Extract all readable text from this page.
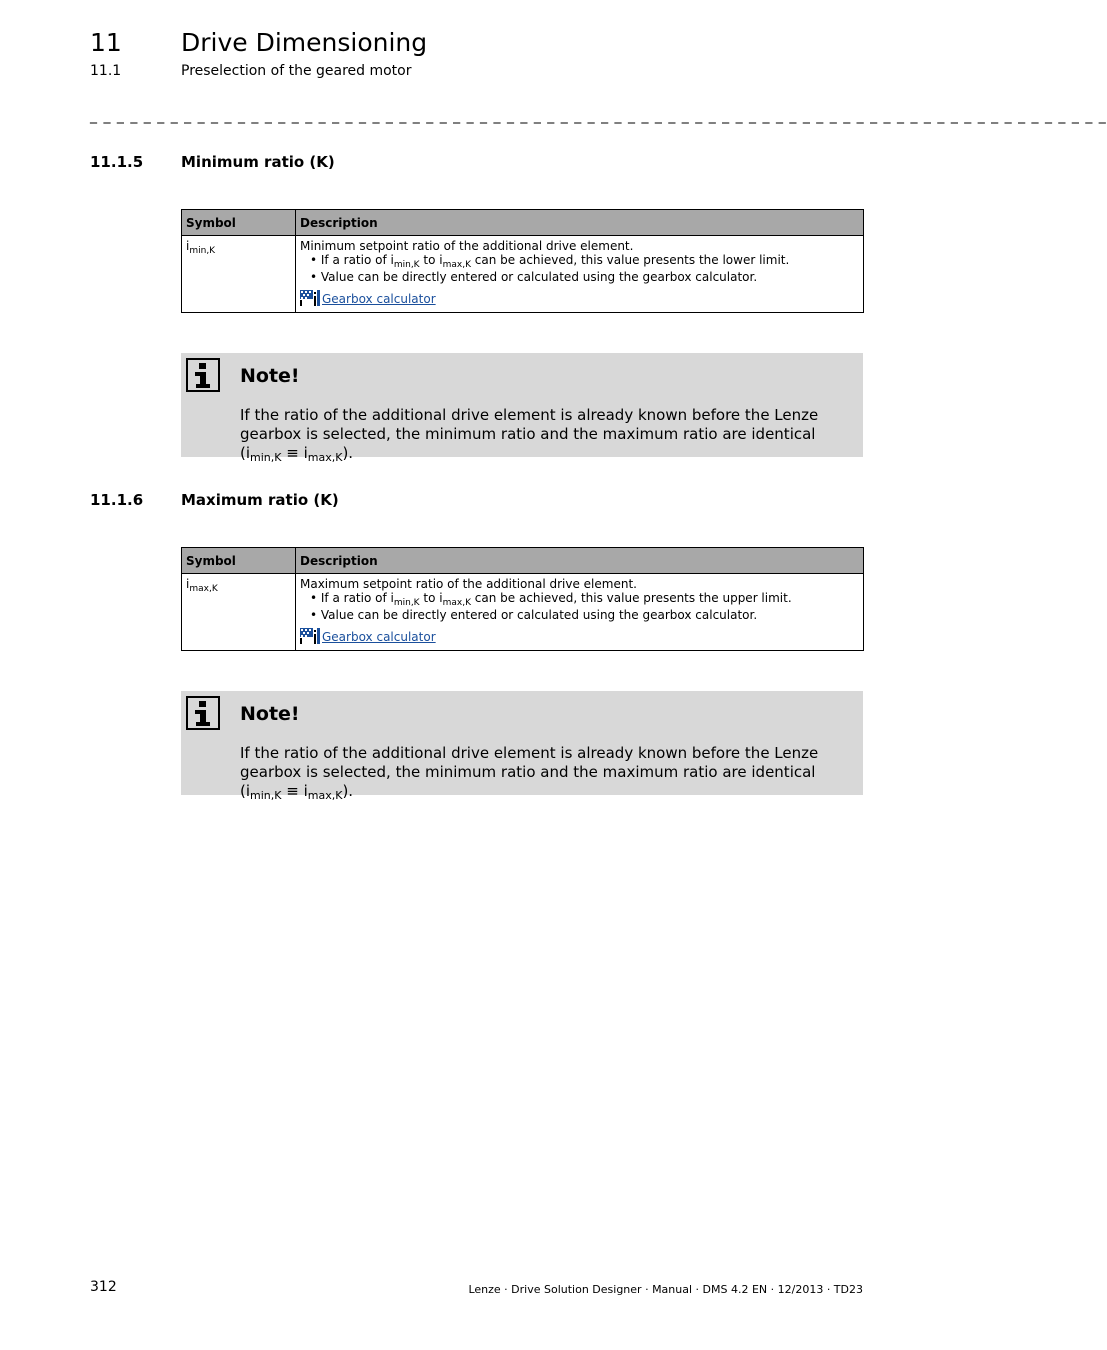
11 Drive Dimensioning
11.1	Preselection of the geared motor
_ _ _ _ _ _ _ _ _ _ _ _ _ _ _ _ _ _ _ _ _ _ _ _ _ _ _ _ _ _ _ _ _ _ _ _ _ _ _ _ _ _ _ _ _ _ _ _ _ _ _ _ _ _ _ _ _ _ _ _ _ _ _ _ _ _ _ _ _ _ _ _ _ _ _ _
11.1.5	Minimum ratio (K)
Symbol	Description
$i_{min,K}$	Minimum setpoint ratio of the additional drive element.
• If a ratio of $i_{min,K}$ to $i_{max,K}$ can be achieved, this value presents the lower limit.
• Value can be directly entered or calculated using the gearbox calculator.
Gearbox calculator
Note!
If the ratio of the additional drive element is already known before the Lenze gearbox is selected, the minimum ratio and the maximum ratio are identical $(i_{min,K} \equiv i_{max,K})$.
11.1.6	Maximum ratio (K)
Symbol	Description
$i_{max,K}$	Maximum setpoint ratio of the additional drive element.
• If a ratio of $i_{min,K}$ to $i_{max,K}$ can be achieved, this value presents the upper limit.
• Value can be directly entered or calculated using the gearbox calculator.
Gearbox calculator
Note!
If the ratio of the additional drive element is already known before the Lenze gearbox is selected, the minimum ratio and the maximum ratio are identical $(i_{min,K} \equiv i_{max,K})$.
312	Lenze · Drive Solution Designer · Manual · DMS 4.2 EN · 12/2013 · TD23
